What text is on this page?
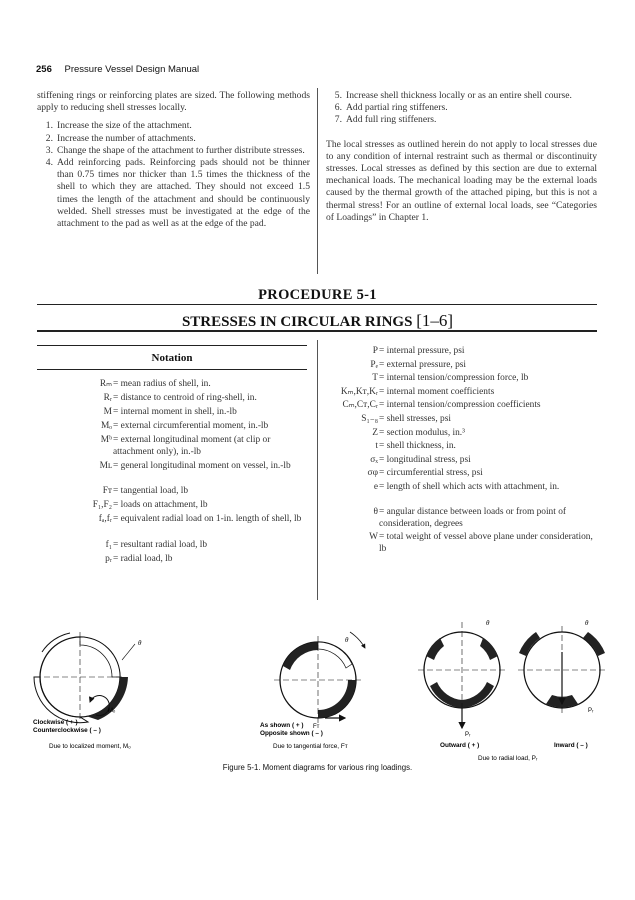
256 Pressure Vessel Design Manual

stiffening rings or reinforcing plates are sized. The following methods apply to reducing shell stresses locally.

1. Increase the size of the attachment.
2. Increase the number of attachments.
3. Change the shape of the attachment to further distribute stresses.
4. Add reinforcing pads. Reinforcing pads should not be thinner than 0.75 times nor thicker than 1.5 times the thickness of the shell to which they are attached. They should not exceed 1.5 times the length of the attachment and should be continuously welded. Shell stresses must be investigated at the edge of the attachment to the pad as well as at the edge of the pad.
5. Increase shell thickness locally or as an entire shell course.
6. Add partial ring stiffeners.
7. Add full ring stiffeners.

The local stresses as outlined herein do not apply to local stresses due to any condition of internal restraint such as thermal or discontinuity stresses. Local stresses as defined by this section are due to external mechanical loads. The mechanical loading may be the external loads caused by the thermal growth of the attached piping, but this is not a thermal stress! For an outline of external local loads, see “Categories of Loadings” in Chapter 1.

PROCEDURE 5-1
STRESSES IN CIRCULAR RINGS [1–6]
Notation
Rₘ = mean radius of shell, in.
Rᵣ = distance to centroid of ring-shell, in.
M = internal moment in shell, in.-lb
Mₒ = external circumferential moment, in.-lb
Mᵇ = external longitudinal moment (at clip or attachment only), in.-lb
Mʟ = general longitudinal moment on vessel, in.-lb
Fᴛ = tangential load, lb
F₁,F₂ = loads on attachment, lb
fₐ,fᵣ = equivalent radial load on 1-in. length of shell, lb
f₁ = resultant radial load, lb
pᵣ = radial load, lb
P = internal pressure, psi
Pₑ = external pressure, psi
T = internal tension/compression force, lb
Kₘ,Kᴛ,Kᵣ = internal moment coefficients
Cₘ,Cᴛ,Cᵣ = internal tension/compression coefficients
S₁₋₈ = shell stresses, psi
Z = section modulus, in.³
t = shell thickness, in.
σₓ = longitudinal stress, psi
σφ = circumferential stress, psi
e = length of shell which acts with attachment, in.
θ = angular distance between loads or from point of consideration, degrees
W = total weight of vessel above plane under consideration, lb
θ
Mₒ
Clockwise ( + )
Counterclockwise ( – )
Due to localized moment, Mₒ
θ
Fᴛ
As shown ( + )
Opposite shown ( – )
Due to tangential force, Fᴛ
θ
Pᵣ
θ
Pᵣ
Outward ( + )	Inward ( – )
Due to radial load, Pᵣ
Figure 5-1. Moment diagrams for various ring loadings.
